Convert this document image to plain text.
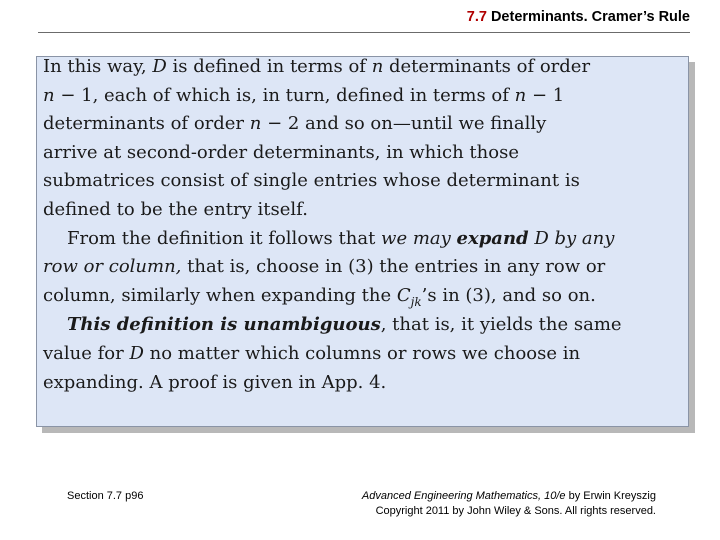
7.7 Determinants. Cramer’s Rule
In this way, D is defined in terms of n determinants of order
n − 1, each of which is, in turn, defined in terms of n − 1
determinants of order n − 2 and so on—until we finally
arrive at second-order determinants, in which those
submatrices consist of single entries whose determinant is
defined to be the entry itself.
From the definition it follows that we may expand D by any
row or column, that is, choose in (3) the entries in any row or
column, similarly when expanding the $C_{jk}’s$ in (3), and so on.
This definition is unambiguous, that is, it yields the same
value for D no matter which columns or rows we choose in
expanding. A proof is given in App. 4.
Section 7.7 p96	Advanced Engineering Mathematics, 10/e by Erwin Kreyszig
Copyright 2011 by John Wiley & Sons. All rights reserved.
